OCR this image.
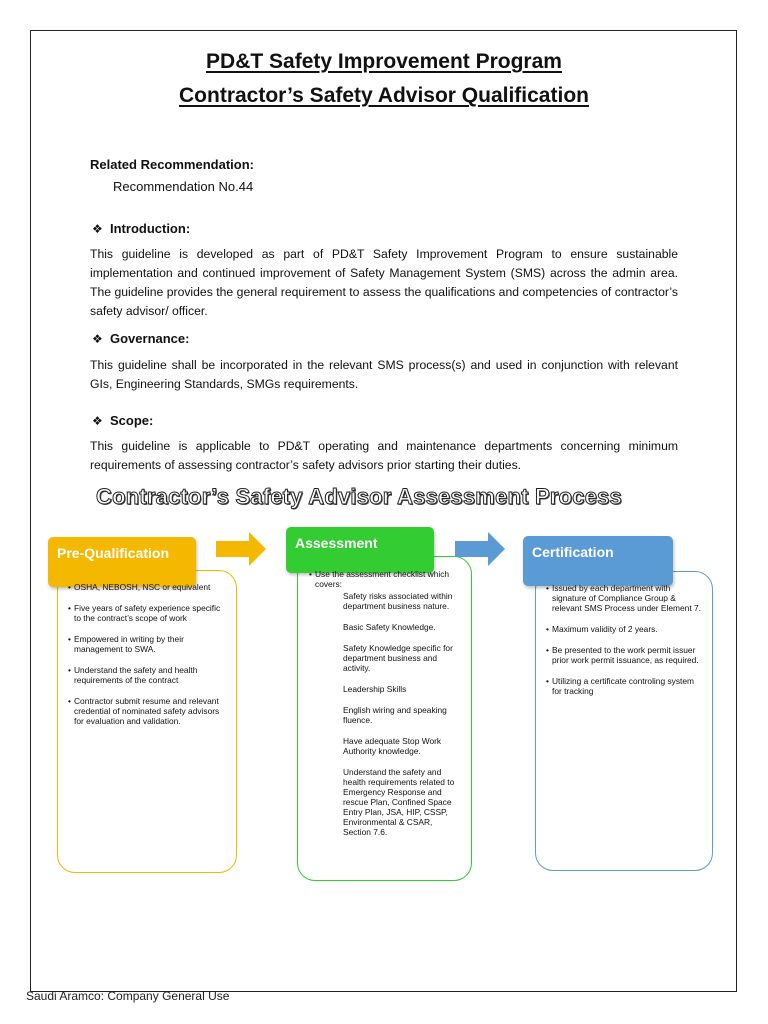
PD&T Safety Improvement Program
Contractor’s Safety Advisor Qualification
Related Recommendation:
Recommendation No.44
❖ Introduction:
This guideline is developed as part of PD&T Safety Improvement Program to ensure sustainable implementation and continued improvement of Safety Management System (SMS) across the admin area. The guideline provides the general requirement to assess the qualifications and competencies of contractor’s safety advisor/ officer.
❖ Governance:
This guideline shall be incorporated in the relevant SMS process(s) and used in conjunction with relevant GIs, Engineering Standards, SMGs requirements.
❖ Scope:
This guideline is applicable to PD&T operating and maintenance departments concerning minimum requirements of assessing contractor’s safety advisors prior starting their duties.
Contractor’s Safety Advisor Assessment Process
Pre-Qualification
• OSHA, NEBOSH, NSC or equivalent
• Five years of safety experience specific to the contract’s scope of work
• Empowered in writing by their management to SWA.
• Understand the safety and health requirements of the contract
• Contractor submit resume and relevant credential of nominated safety advisors for evaluation and validation.
Assessment
• Use the assessment checklist which covers:
Safety risks associated within department business nature.
Basic Safety Knowledge.
Safety Knowledge specific for department business and activity.
Leadership Skills
English wiring and speaking fluence.
Have adequate Stop Work Authority knowledge.
Understand the safety and health requirements related to Emergency Response and rescue Plan, Confined Space Entry Plan, JSA, HIP, CSSP, Environmental & CSAR, Section 7.6.
Certification
• Issued by each department with signature of Compliance Group & relevant SMS Process under Element 7.
• Maximum validity of 2 years.
• Be presented to the work permit issuer prior work permit issuance, as required.
• Utilizing a certificate controling system for tracking
Saudi Aramco: Company General Use
